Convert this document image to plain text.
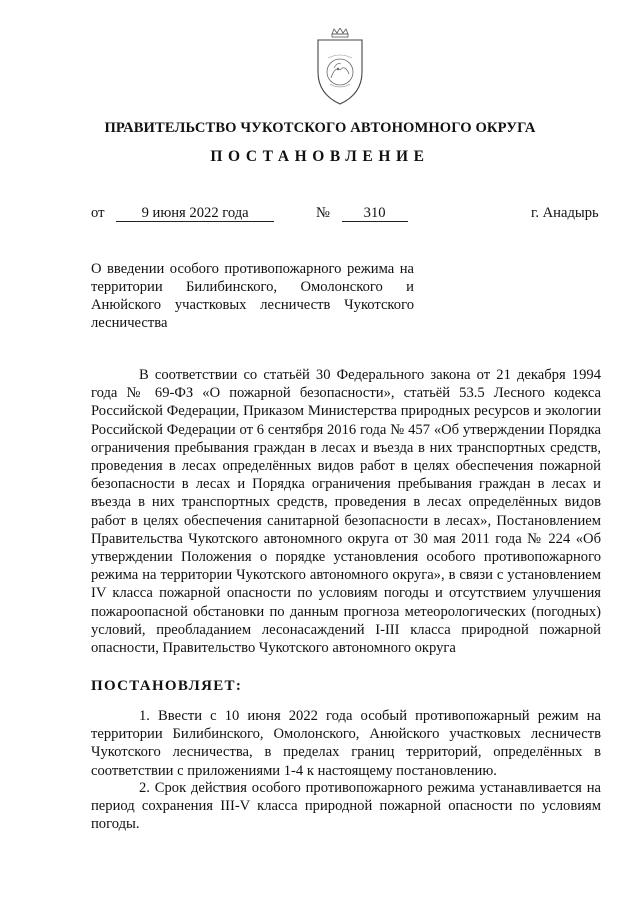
ПРАВИТЕЛЬСТВО ЧУКОТСКОГО АВТОНОМНОГО ОКРУГА
ПОСТАНОВЛЕНИЕ
от	9 июня 2022 года	№ 310	г. Анадырь
О введении особого противопожарного режима на территории Билибинского, Омолонского и Анюйского участковых лесничеств Чукотского лесничества

В соответствии со статьёй 30 Федерального закона от 21 декабря 1994 года № 69-ФЗ «О пожарной безопасности», статьёй 53.5 Лесного кодекса Российской Федерации, Приказом Министерства природных ресурсов и экологии Российской Федерации от 6 сентября 2016 года № 457 «Об утверждении Порядка ограничения пребывания граждан в лесах и въезда в них транспортных средств, проведения в лесах определённых видов работ в целях обеспечения пожарной безопасности в лесах и Порядка ограничения пребывания граждан в лесах и въезда в них транспортных средств, проведения в лесах определённых видов работ в целях обеспечения санитарной безопасности в лесах», Постановлением Правительства Чукотского автономного округа от 30 мая 2011 года № 224 «Об утверждении Положения о порядке установления особого противопожарного режима на территории Чукотского автономного округа», в связи с установлением IV класса пожарной опасности по условиям погоды и отсутствием улучшения пожароопасной обстановки по данным прогноза метеорологических (погодных) условий, преобладанием лесонасаждений I-III класса природной пожарной опасности, Правительство Чукотского автономного округа

ПОСТАНОВЛЯЕТ:

1. Ввести с 10 июня 2022 года особый противопожарный режим на территории Билибинского, Омолонского, Анюйского участковых лесничеств Чукотского лесничества, в пределах границ территорий, определённых в соответствии с приложениями 1-4 к настоящему постановлению.

2. Срок действия особого противопожарного режима устанавливается на период сохранения III-V класса природной пожарной опасности по условиям погоды.
